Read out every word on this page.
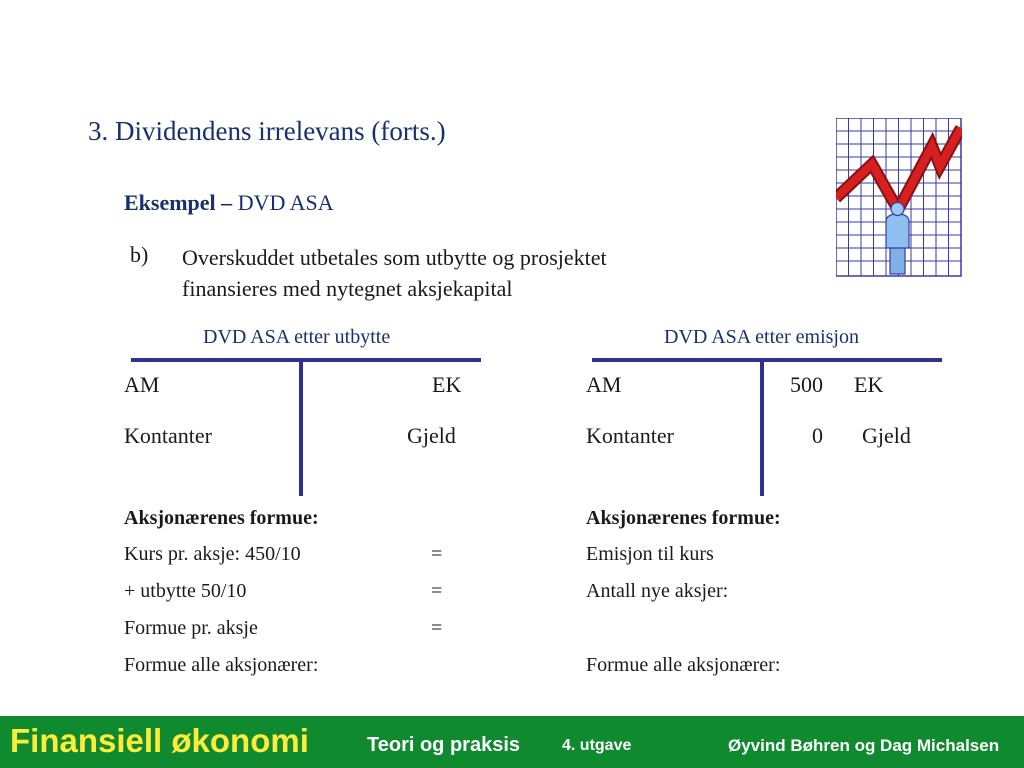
3. Dividendens irrelevans (forts.)
Eksempel – DVD ASA
b) Overskuddet utbetales som utbytte og prosjektet
finansieres med nytegnet aksjekapital
DVD ASA etter utbytte
AM	EK
Kontanter	Gjeld
DVD ASA etter emisjon
AM	500 EK
Kontanter	0 Gjeld
Aksjonærenes formue:
Kurs pr. aksje: 450/10	=
+ utbytte 50/10	=
Formue pr. aksje	=
Formue alle aksjonærer:
Aksjonærenes formue:
Emisjon til kurs
Antall nye aksjer:
Formue alle aksjonærer:
Finansiell økonomi	Teori og praksis	4. utgave	Øyvind Bøhren og Dag Michalsen
